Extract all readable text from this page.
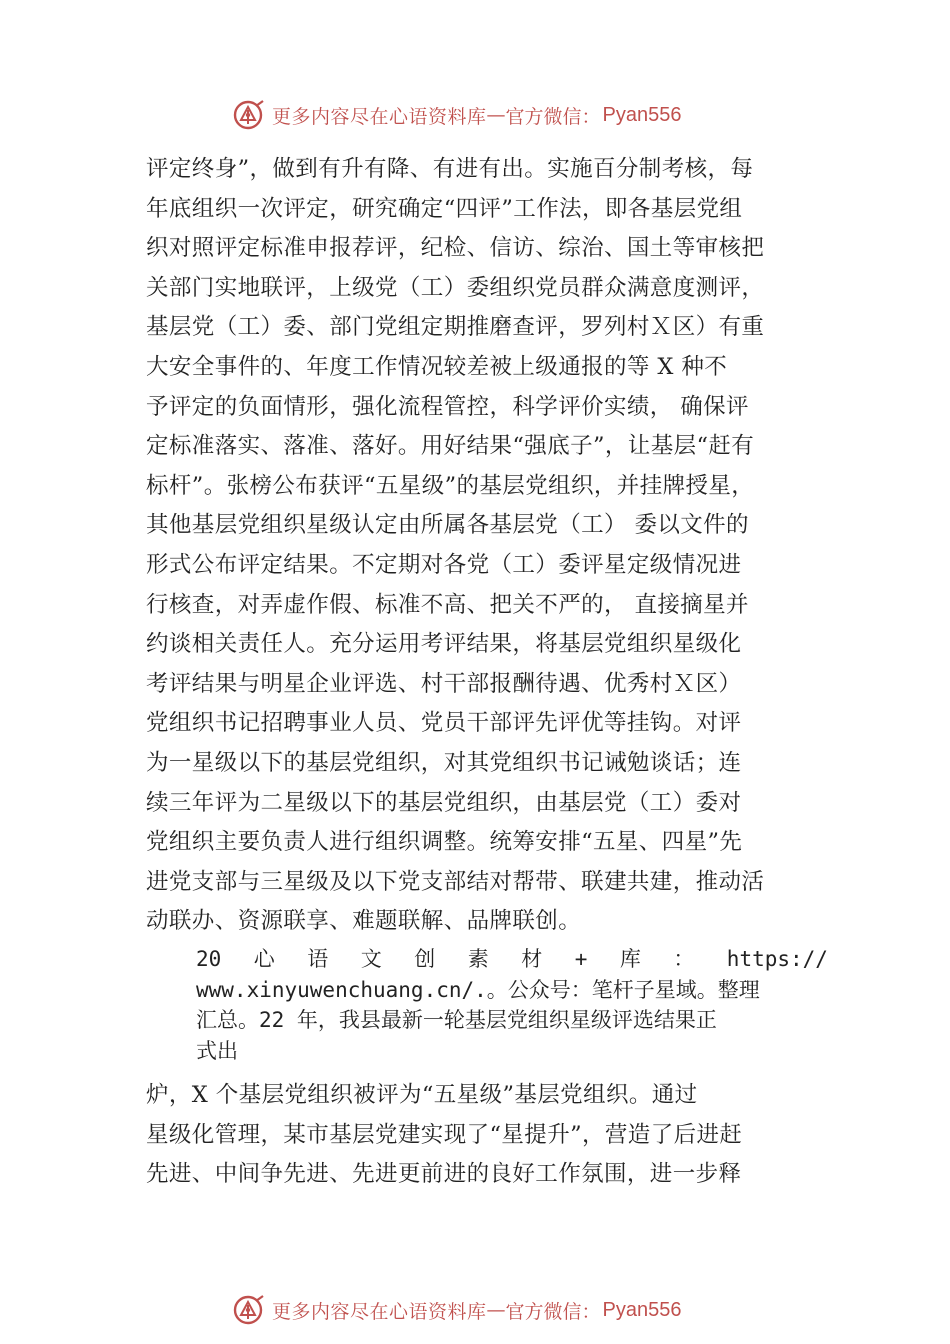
更多内容尽在心语资料库 — 官方微信： Pyan556
评定终身”，做到有升有降、有进有出。实施百分制考核，每
年底组织一次评定，研究确定“四评”工作法，即各基层党组
织对照评定标准申报荐评，纪检、信访、综治、国土等审核把
关部门实地联评，上级党（工）委组织党员群众满意度测评，
基层党（工）委、部门党组定期推磨查评，罗列村Ｘ区）有重
大安全事件的、年度工作情况较差被上级通报的等 X 种不
予评定的负面情形，强化流程管控，科学评价实绩， 确保评
定标准落实、落准、落好。用好结果“强底子”，让基层“赶有
标杆”。张榜公布获评“五星级”的基层党组织，并挂牌授星，
其他基层党组织星级认定由所属各基层党（工） 委以文件的
形式公布评定结果。不定期对各党（工）委评星定级情况进
行核查，对弄虚作假、标准不高、把关不严的， 直接摘星并
约谈相关责任人。充分运用考评结果，将基层党组织星级化
考评结果与明星企业评选、村干部报酬待遇、优秀村Ｘ区）
党组织书记招聘事业人员、党员干部评先评优等挂钩。对评
为一星级以下的基层党组织，对其党组织书记诫勉谈话；连
续三年评为二星级以下的基层党组织，由基层党（工）委对
党组织主要负责人进行组织调整。统筹安排“五星、四星”先
进党支部与三星级及以下党支部结对帮带、联建共建，推动活
动联办、资源联享、难题联解、品牌联创。
20 心 语 文 创 素 材 + 库 ： https://
www.xinyuwenchuang.cn/.。公众号：笔杆子星域。整理
汇总。22 年，我县最新一轮基层党组织星级评选结果正
式出
炉，X 个基层党组织被评为“五星级”基层党组织。通过
星级化管理，某市基层党建实现了“星提升”，营造了后进赶
先进、中间争先进、先进更前进的良好工作氛围，进一步释
更多内容尽在心语资料库 — 官方微信： Pyan556
